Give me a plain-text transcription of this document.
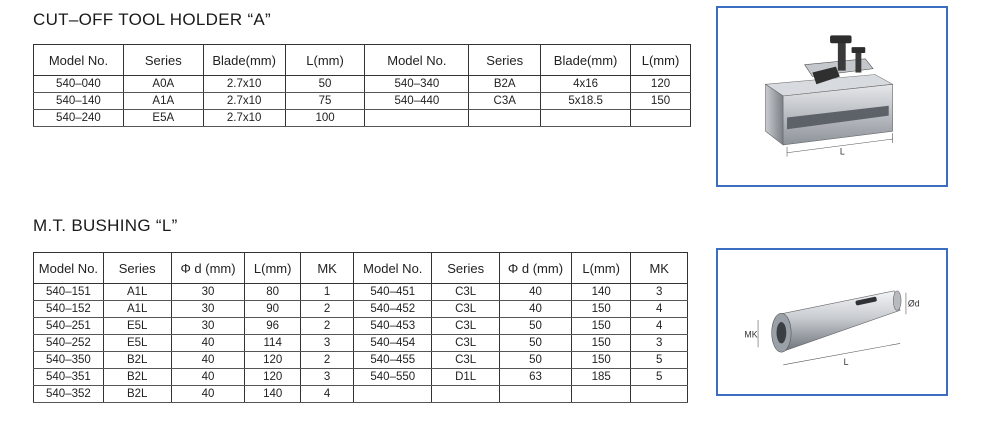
CUT–OFF TOOL HOLDER “A”
Model No.	Series	Blade(mm)	L(mm)	Model No.	Series	Blade(mm)	L(mm)
540–040	A0A	2.7x10	50	540–340	B2A	4x16	120
540–140	A1A	2.7x10	75	540–440	C3A	5x18.5	150
540–240	E5A	2.7x10	100				
L
M.T. BUSHING “L”
Model No.	Series	Φ d (mm)	L(mm)	MK	Model No.	Series	Φ d (mm)	L(mm)	MK
540–151	A1L	30	80	1	540–451	C3L	40	140	3
540–152	A1L	30	90	2	540–452	C3L	40	150	4
540–251	E5L	30	96	2	540–453	C3L	50	150	4
540–252	E5L	40	114	3	540–454	C3L	50	150	3
540–350	B2L	40	120	2	540–455	C3L	50	150	5
540–351	B2L	40	120	3	540–550	D1L	63	185	5
540–352	B2L	40	140	4					
MK
L
Ød
